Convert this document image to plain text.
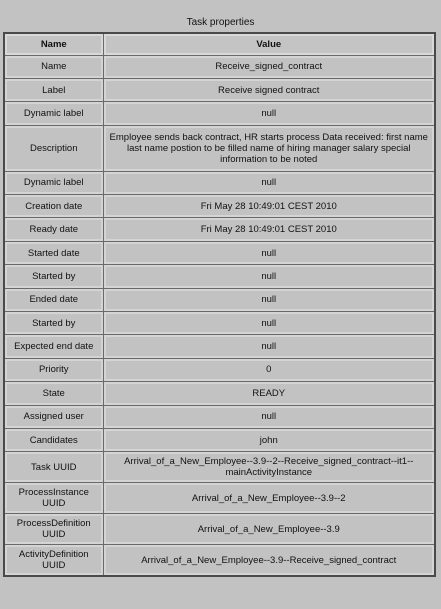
Task properties
Name	Value
Name	Receive_signed_contract
Label	Receive signed contract
Dynamic label	null
Description	Employee sends back contract, HR starts process Data received: first name last name postion to be filled name of hiring manager salary special information to be noted
Dynamic label	null
Creation date	Fri May 28 10:49:01 CEST 2010
Ready date	Fri May 28 10:49:01 CEST 2010
Started date	null
Started by	null
Ended date	null
Started by	null
Expected end date	null
Priority	0
State	READY
Assigned user	null
Candidates	john
Task UUID	Arrival_of_a_New_Employee--3.9--2--Receive_signed_contract--it1--mainActivityInstance
ProcessInstance UUID	Arrival_of_a_New_Employee--3.9--2
ProcessDefinition UUID	Arrival_of_a_New_Employee--3.9
ActivityDefinition UUID	Arrival_of_a_New_Employee--3.9--Receive_signed_contract
